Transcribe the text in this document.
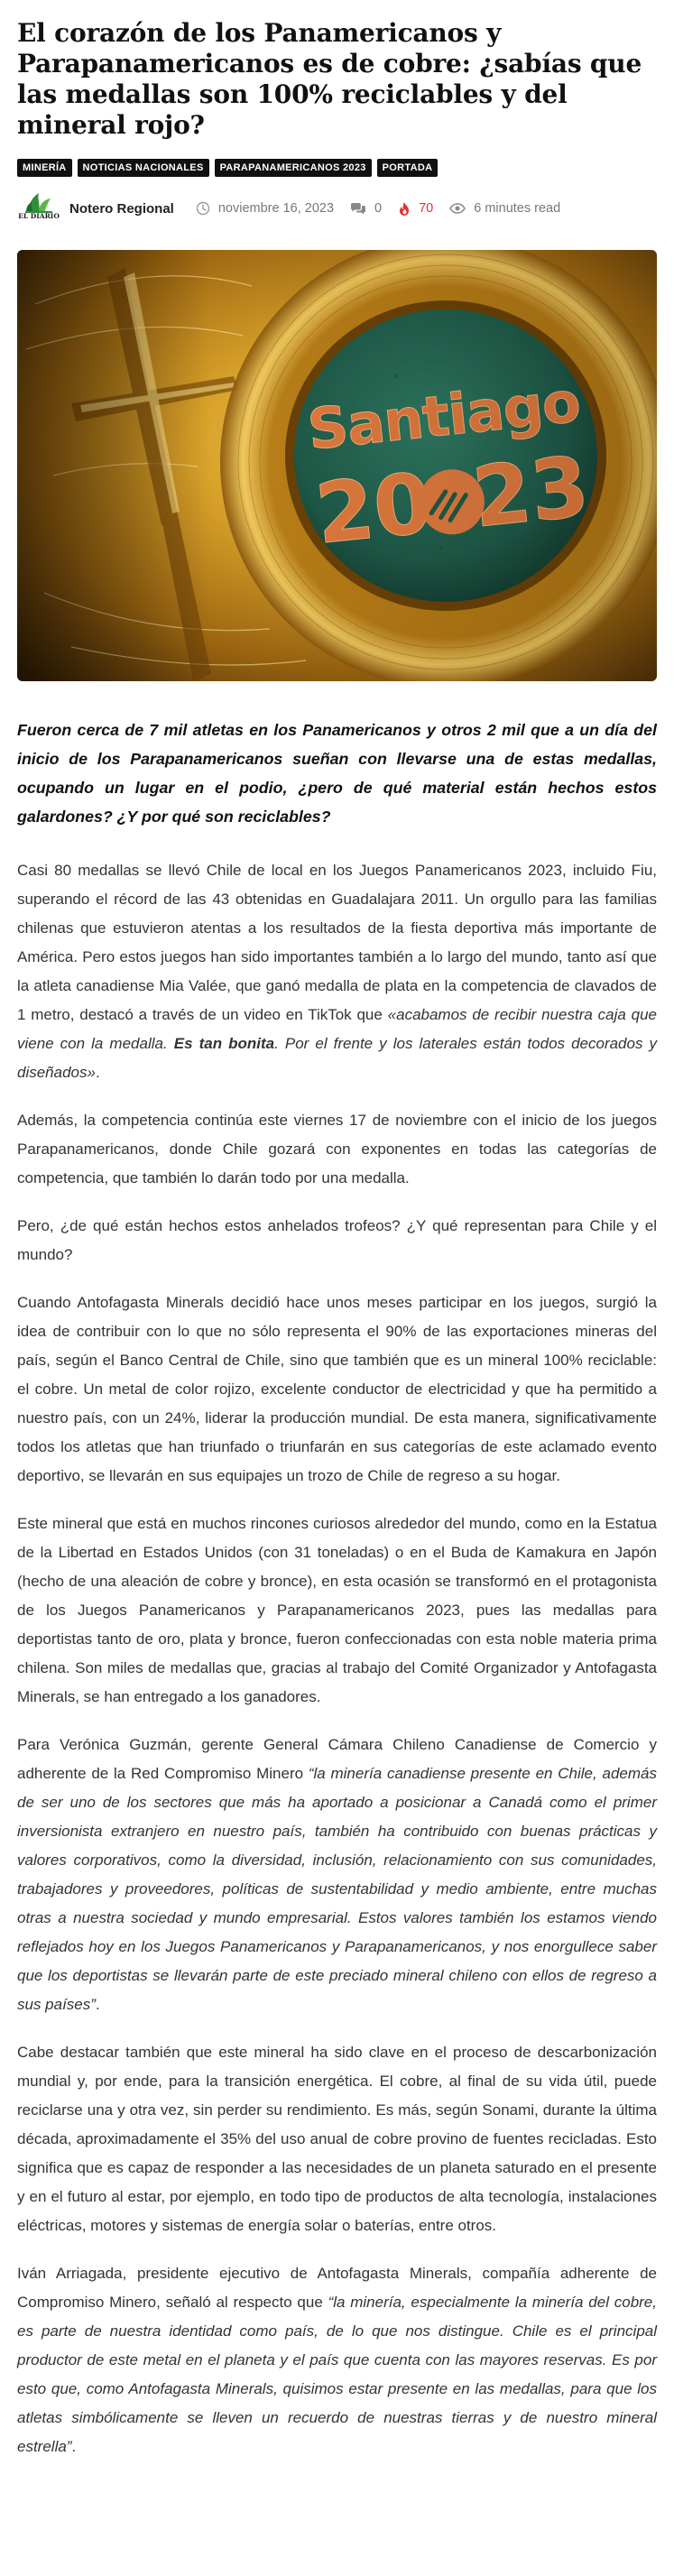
El corazón de los Panamericanos y Parapanamericanos es de cobre: ¿sabías que las medallas son 100% reciclables y del mineral rojo?
MINERÍA	NOTICIAS NACIONALES	PARAPANAMERICANOS 2023	PORTADA
EL DIARIO Notero Regional	noviembre 16, 2023	0	70	6 minutes read

Fueron cerca de 7 mil atletas en los Panamericanos y otros 2 mil que a un día del inicio de los Parapanamericanos sueñan con llevarse una de estas medallas, ocupando un lugar en el podio, ¿pero de qué material están hechos estos galardones? ¿Y por qué son reciclables?

Casi 80 medallas se llevó Chile de local en los Juegos Panamericanos 2023, incluido Fiu, superando el récord de las 43 obtenidas en Guadalajara 2011. Un orgullo para las familias chilenas que estuvieron atentas a los resultados de la fiesta deportiva más importante de América. Pero estos juegos han sido importantes también a lo largo del mundo, tanto así que la atleta canadiense Mia Valée, que ganó medalla de plata en la competencia de clavados de 1 metro, destacó a través de un video en TikTok que «acabamos de recibir nuestra caja que viene con la medalla. Es tan bonita. Por el frente y los laterales están todos decorados y diseñados».

Además, la competencia continúa este viernes 17 de noviembre con el inicio de los juegos Parapanamericanos, donde Chile gozará con exponentes en todas las categorías de competencia, que también lo darán todo por una medalla.

Pero, ¿de qué están hechos estos anhelados trofeos? ¿Y qué representan para Chile y el mundo?

Cuando Antofagasta Minerals decidió hace unos meses participar en los juegos, surgió la idea de contribuir con lo que no sólo representa el 90% de las exportaciones mineras del país, según el Banco Central de Chile, sino que también que es un mineral 100% reciclable: el cobre. Un metal de color rojizo, excelente conductor de electricidad y que ha permitido a nuestro país, con un 24%, liderar la producción mundial. De esta manera, significativamente todos los atletas que han triunfado o triunfarán en sus categorías de este aclamado evento deportivo, se llevarán en sus equipajes un trozo de Chile de regreso a su hogar.

Este mineral que está en muchos rincones curiosos alrededor del mundo, como en la Estatua de la Libertad en Estados Unidos (con 31 toneladas) o en el Buda de Kamakura en Japón (hecho de una aleación de cobre y bronce), en esta ocasión se transformó en el protagonista de los Juegos Panamericanos y Parapanamericanos 2023, pues las medallas para deportistas tanto de oro, plata y bronce, fueron confeccionadas con esta noble materia prima chilena. Son miles de medallas que, gracias al trabajo del Comité Organizador y Antofagasta Minerals, se han entregado a los ganadores.

Para Verónica Guzmán, gerente General Cámara Chileno Canadiense de Comercio y adherente de la Red Compromiso Minero “la minería canadiense presente en Chile, además de ser uno de los sectores que más ha aportado a posicionar a Canadá como el primer inversionista extranjero en nuestro país, también ha contribuido con buenas prácticas y valores corporativos, como la diversidad, inclusión, relacionamiento con sus comunidades, trabajadores y proveedores, políticas de sustentabilidad y medio ambiente, entre muchas otras a nuestra sociedad y mundo empresarial. Estos valores también los estamos viendo reflejados hoy en los Juegos Panamericanos y Parapanamericanos, y nos enorgullece saber que los deportistas se llevarán parte de este preciado mineral chileno con ellos de regreso a sus países”.

Cabe destacar también que este mineral ha sido clave en el proceso de descarbonización mundial y, por ende, para la transición energética. El cobre, al final de su vida útil, puede reciclarse una y otra vez, sin perder su rendimiento. Es más, según Sonami, durante la última década, aproximadamente el 35% del uso anual de cobre provino de fuentes recicladas. Esto significa que es capaz de responder a las necesidades de un planeta saturado en el presente y en el futuro al estar, por ejemplo, en todo tipo de productos de alta tecnología, instalaciones eléctricas, motores y sistemas de energía solar o baterías, entre otros.

Iván Arriagada, presidente ejecutivo de Antofagasta Minerals, compañía adherente de Compromiso Minero, señaló al respecto que “la minería, especialmente la minería del cobre, es parte de nuestra identidad como país, de lo que nos distingue. Chile es el principal productor de este metal en el planeta y el país que cuenta con las mayores reservas. Es por esto que, como Antofagasta Minerals, quisimos estar presente en las medallas, para que los atletas simbólicamente se lleven un recuerdo de nuestras tierras y de nuestro mineral estrella”.
